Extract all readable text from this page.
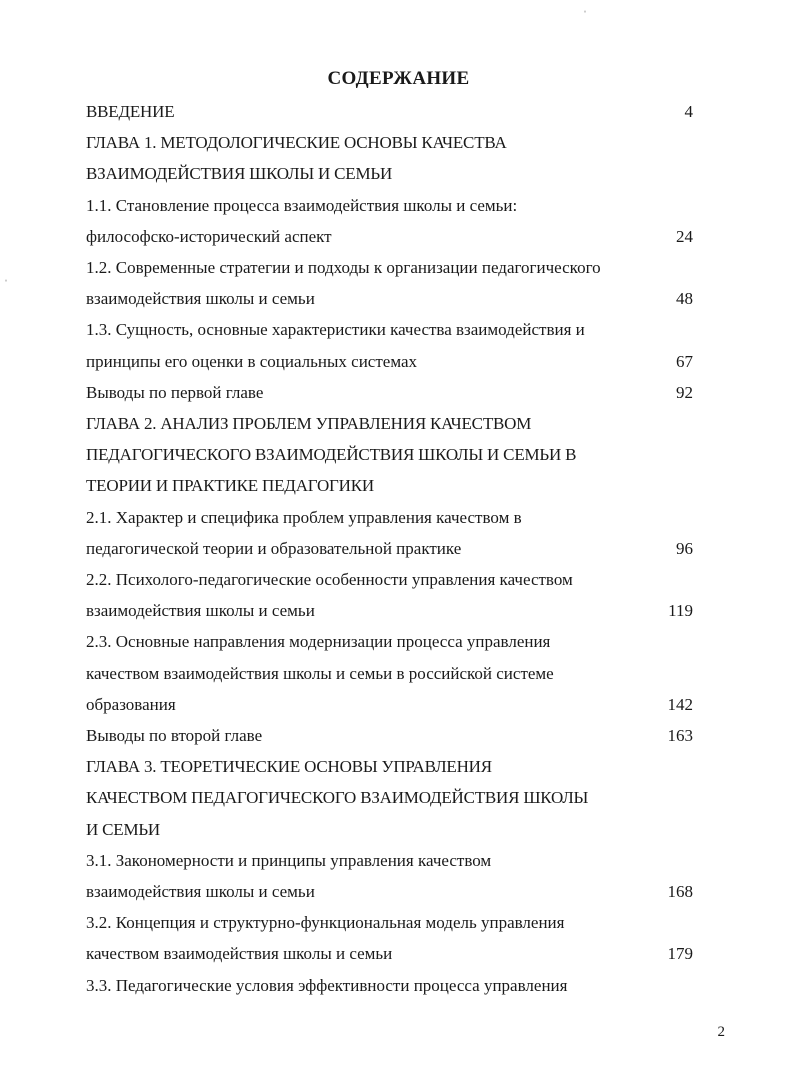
СОДЕРЖАНИЕ
ВВЕДЕНИЕ	4
ГЛАВА 1. МЕТОДОЛОГИЧЕСКИЕ ОСНОВЫ КАЧЕСТВА
ВЗАИМОДЕЙСТВИЯ ШКОЛЫ И СЕМЬИ
1.1. Становление процесса взаимодействия школы и семьи:
философско-исторический аспект	24
1.2. Современные стратегии и подходы к организации педагогического
взаимодействия школы и семьи	48
1.3. Сущность, основные характеристики качества взаимодействия и
принципы его оценки в социальных системах	67
Выводы по первой главе	92
ГЛАВА 2. АНАЛИЗ ПРОБЛЕМ УПРАВЛЕНИЯ КАЧЕСТВОМ
ПЕДАГОГИЧЕСКОГО ВЗАИМОДЕЙСТВИЯ ШКОЛЫ И СЕМЬИ В
ТЕОРИИ И ПРАКТИКЕ ПЕДАГОГИКИ
2.1. Характер и специфика проблем управления качеством в
педагогической теории и образовательной практике	96
2.2. Психолого-педагогические особенности управления качеством
взаимодействия школы и семьи	119
2.3. Основные направления модернизации процесса управления
качеством взаимодействия школы и семьи в российской системе
образования	142
Выводы по второй главе	163
ГЛАВА 3. ТЕОРЕТИЧЕСКИЕ ОСНОВЫ УПРАВЛЕНИЯ
КАЧЕСТВОМ ПЕДАГОГИЧЕСКОГО ВЗАИМОДЕЙСТВИЯ ШКОЛЫ
И СЕМЬИ
3.1. Закономерности и принципы управления качеством
взаимодействия школы и семьи	168
3.2. Концепция и структурно-функциональная модель управления
качеством взаимодействия школы и семьи	179
3.3. Педагогические условия эффективности процесса управления
2
ˈ
ˌ
